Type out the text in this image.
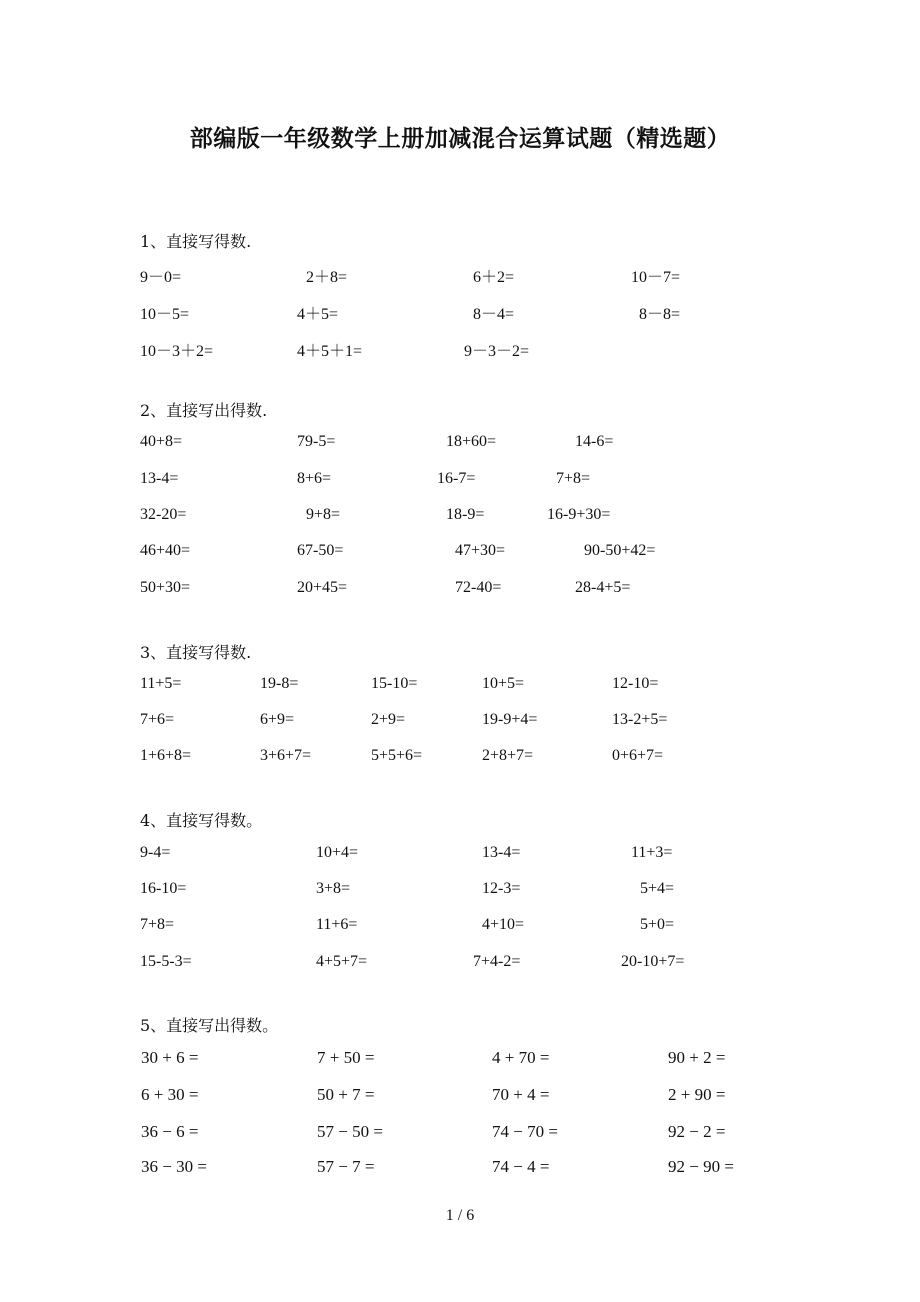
部编版一年级数学上册加减混合运算试题（精选题）
1、直接写得数.
9－0=	2＋8=	6＋2=	10－7=
10－5=	4＋5=	8－4=	8－8=
10－3＋2=	4＋5＋1=	9－3－2=
2、直接写出得数.
40+8=	79-5=	18+60=	14-6=
13-4=	8+6=	16-7=	7+8=
32-20=	9+8=	18-9=	16-9+30=
46+40=	67-50=	47+30=	90-50+42=
50+30=	20+45=	72-40=	28-4+5=
3、直接写得数.
11+5=	19-8=	15-10=	10+5=	12-10=
7+6=	6+9=	2+9=	19-9+4=	13-2+5=
1+6+8=	3+6+7=	5+5+6=	2+8+7=	0+6+7=
4、直接写得数。
9-4=	10+4=	13-4=	11+3=
16-10=	3+8=	12-3=	5+4=
7+8=	11+6=	4+10=	5+0=
15-5-3=	4+5+7=	7+4-2=	20-10+7=
5、直接写出得数。
30 + 6 =	7 + 50 =	4 + 70 =	90 + 2 =
6 + 30 =	50 + 7 =	70 + 4 =	2 + 90 =
36 − 6 =	57 − 50 =	74 − 70 =	92 − 2 =
36 − 30 =	57 − 7 =	74 − 4 =	92 − 90 =
1 / 6
